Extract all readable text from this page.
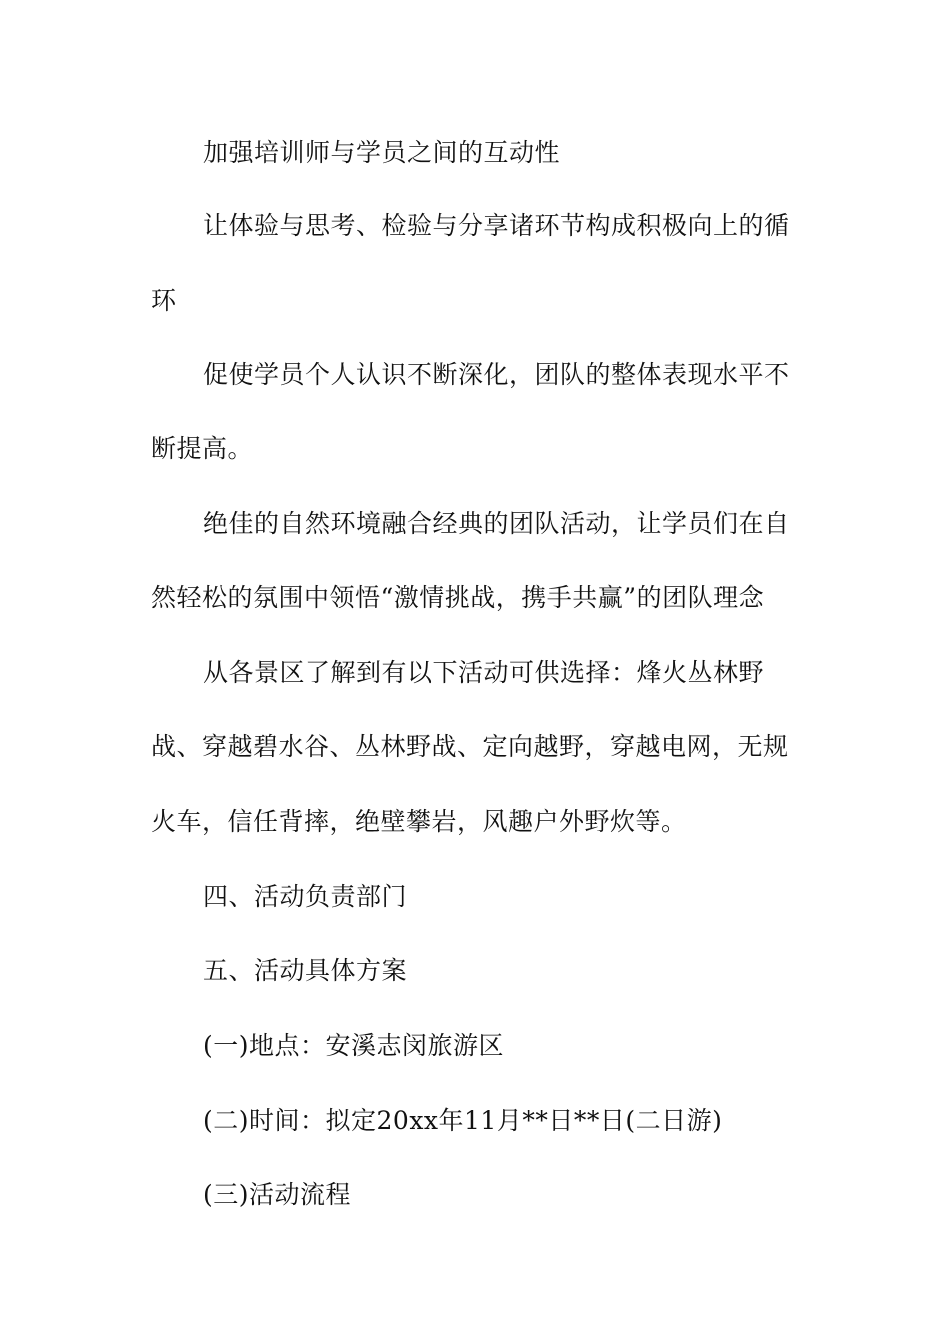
加强培训师与学员之间的互动性

让体验与思考、检验与分享诸环节构成积极向上的循

环

促使学员个人认识不断深化，团队的整体表现水平不

断提高。

绝佳的自然环境融合经典的团队活动，让学员们在自

然轻松的氛围中领悟“激情挑战，携手共赢”的团队理念

从各景区了解到有以下活动可供选择：烽火丛林野

战、穿越碧水谷、丛林野战、定向越野，穿越电网，无规

火车，信任背摔，绝壁攀岩，风趣户外野炊等。

四、活动负责部门

五、活动具体方案

(一)地点：安溪志闵旅游区

(二)时间：拟定20xx年11月**日**日(二日游)

(三)活动流程
